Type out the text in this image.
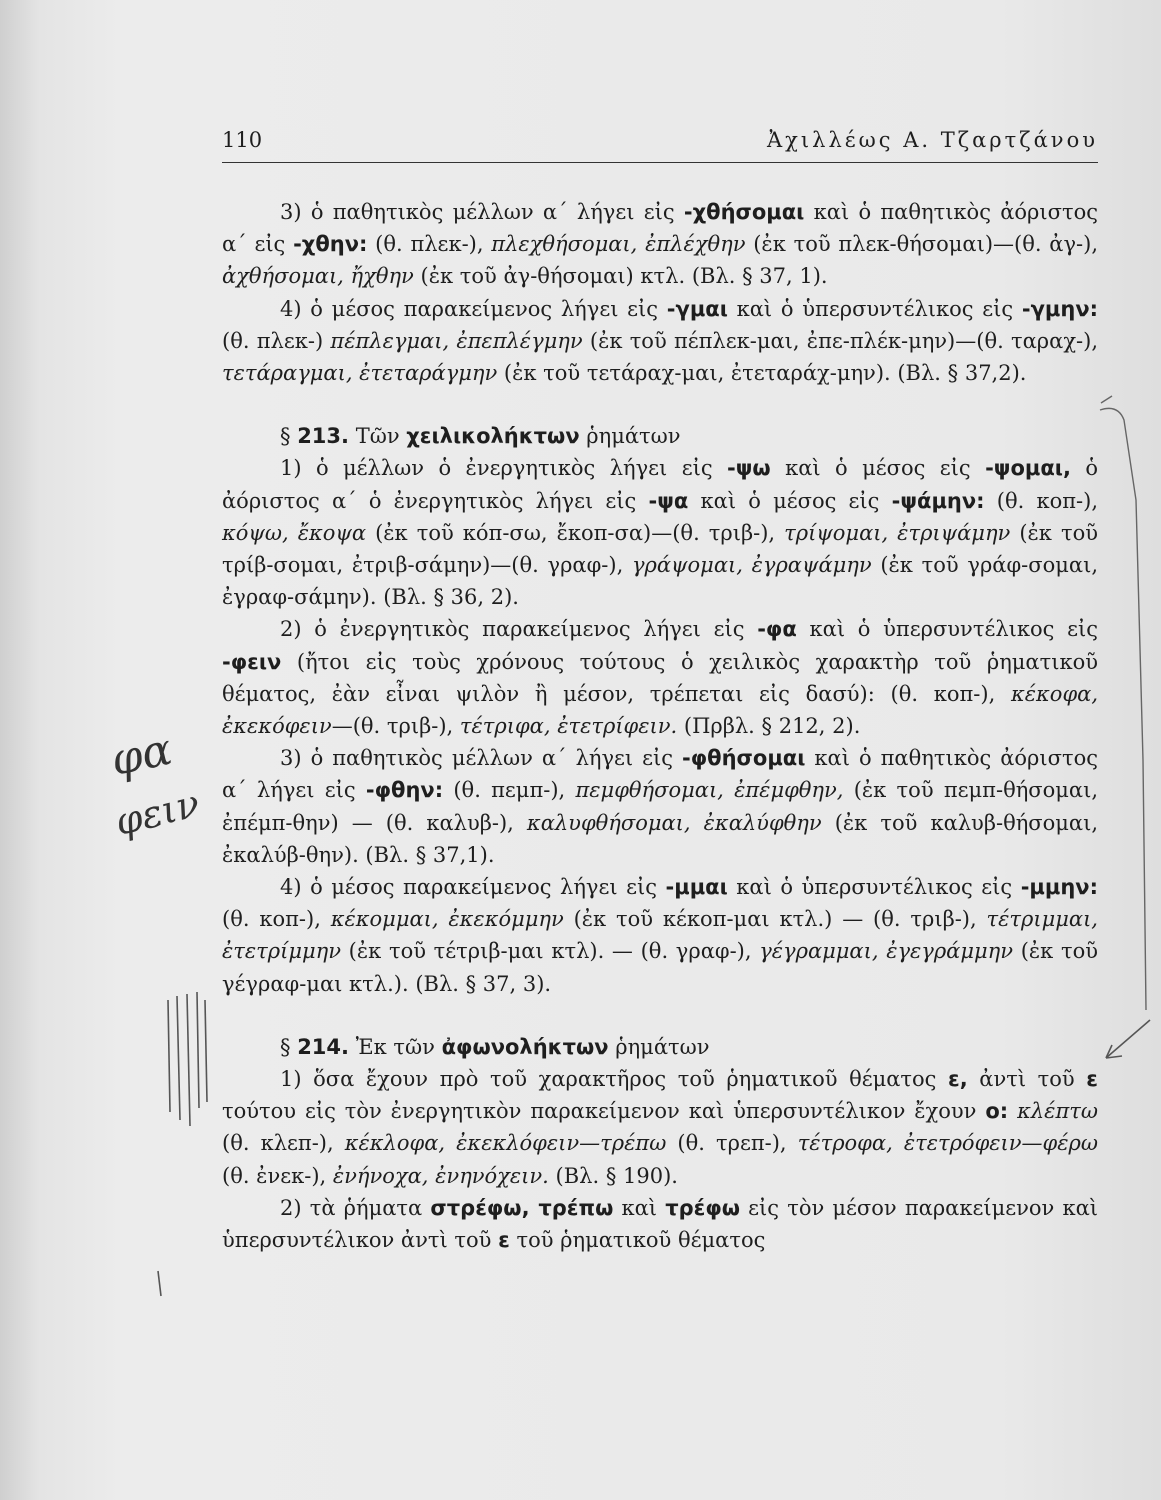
110	Ἀχιλλέως Α. Τζαρτζάνου

3) ὁ παθητικὸς μέλλων α΄ λήγει εἰς -χθήσομαι καὶ ὁ παθητικὸς ἀόριστος α΄ εἰς -χθην: (θ. πλεκ-), πλεχθήσομαι, ἐπλέχθην (ἐκ τοῦ πλεκ-θήσομαι)—(θ. ἀγ-), ἀχθήσομαι, ἤχθην (ἐκ τοῦ ἀγ-θήσομαι) κτλ. (Βλ. § 37, 1).

4) ὁ μέσος παρακείμενος λήγει εἰς -γμαι καὶ ὁ ὑπερσυντέλικος εἰς -γμην: (θ. πλεκ-) πέπλεγμαι, ἐπεπλέγμην (ἐκ τοῦ πέπλεκ-μαι, ἐπε-πλέκ-μην)—(θ. ταραχ-), τετάραγμαι, ἐτεταράγμην (ἐκ τοῦ τετάραχ-μαι, ἐτεταράχ-μην). (Βλ. § 37,2).

§ 213. Τῶν χειλικολήκτων ῥημάτων

1) ὁ μέλλων ὁ ἐνεργητικὸς λήγει εἰς -ψω καὶ ὁ μέσος εἰς -ψομαι, ὁ ἀόριστος α΄ ὁ ἐνεργητικὸς λήγει εἰς -ψα καὶ ὁ μέσος εἰς -ψάμην: (θ. κοπ-), κόψω, ἔκοψα (ἐκ τοῦ κόπ-σω, ἔκοπ-σα)—(θ. τριβ-), τρίψομαι, ἐτριψάμην (ἐκ τοῦ τρίβ-σομαι, ἐτριβ-σάμην)—(θ. γραφ-), γράψομαι, ἐγραψάμην (ἐκ τοῦ γράφ-σομαι, ἐγραφ-σάμην). (Βλ. § 36, 2).

2) ὁ ἐνεργητικὸς παρακείμενος λήγει εἰς -φα καὶ ὁ ὑπερσυντέλικος εἰς -φειν (ἤτοι εἰς τοὺς χρόνους τούτους ὁ χειλικὸς χαρακτὴρ τοῦ ῥηματικοῦ θέματος, ἐὰν εἶναι ψιλὸν ἢ μέσον, τρέπεται εἰς δασύ): (θ. κοπ-), κέκοφα, ἐκεκόφειν—(θ. τριβ-), τέτριφα, ἐτετρίφειν. (Πρβλ. § 212, 2).

3) ὁ παθητικὸς μέλλων α΄ λήγει εἰς -φθήσομαι καὶ ὁ παθητικὸς ἀόριστος α΄ λήγει εἰς -φθην: (θ. πεμπ-), πεμφθήσομαι, ἐπέμφθην, (ἐκ τοῦ πεμπ-θήσομαι, ἐπέμπ-θην) — (θ. καλυβ-), καλυφθήσομαι, ἐκαλύφθην (ἐκ τοῦ καλυβ-θήσομαι, ἐκαλύβ-θην). (Βλ. § 37,1).

4) ὁ μέσος παρακείμενος λήγει εἰς -μμαι καὶ ὁ ὑπερσυντέλικος εἰς -μμην: (θ. κοπ-), κέκομμαι, ἐκεκόμμην (ἐκ τοῦ κέκοπ-μαι κτλ.) — (θ. τριβ-), τέτριμμαι, ἐτετρίμμην (ἐκ τοῦ τέτριβ-μαι κτλ). — (θ. γραφ-), γέγραμμαι, ἐγεγράμμην (ἐκ τοῦ γέγραφ-μαι κτλ.). (Βλ. § 37, 3).

§ 214. Ἐκ τῶν ἀφωνολήκτων ῥημάτων

1) ὅσα ἔχουν πρὸ τοῦ χαρακτῆρος τοῦ ῥηματικοῦ θέματος ε, ἀντὶ τοῦ ε τούτου εἰς τὸν ἐνεργητικὸν παρακείμενον καὶ ὑπερσυντέλικον ἔχουν ο: κλέπτω (θ. κλεπ-), κέκλοφα, ἐκεκλόφειν—τρέπω (θ. τρεπ-), τέτροφα, ἐτετρόφειν—φέρω (θ. ἐνεκ-), ἐνήνοχα, ἐνηνόχειν. (Βλ. § 190).

2) τὰ ῥήματα στρέφω, τρέπω καὶ τρέφω εἰς τὸν μέσον παρακείμενον καὶ ὑπερσυντέλικον ἀντὶ τοῦ ε τοῦ ῥηματικοῦ θέματος

φα
φειν
